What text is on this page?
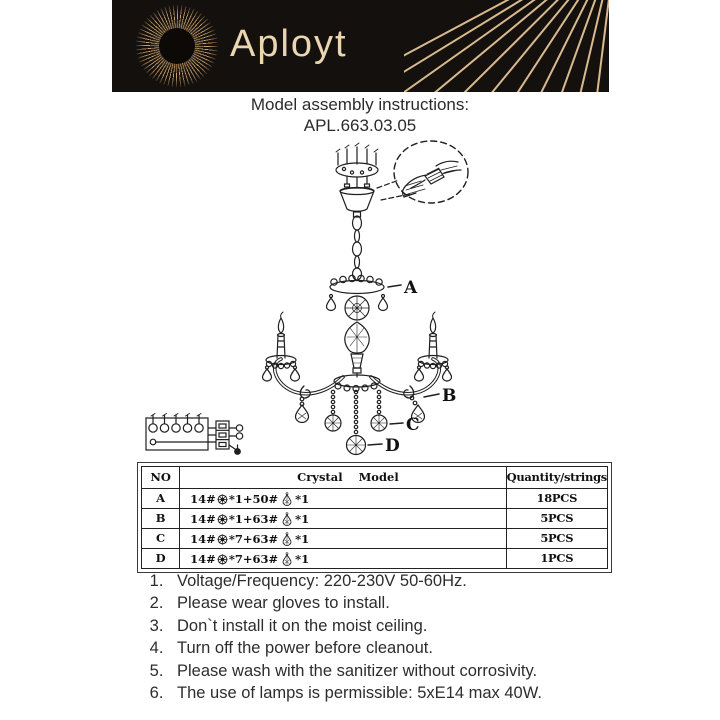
Aployt
Model assembly instructions:
APL.663.03.05
A
B
C
D
NO	Crystal    Model	Quantity/strings
A	14# *1+50# *1	18PCS
B	14# *1+63# *1	5PCS
C	14# *7+63# *1	5PCS
D	14# *7+63# *1	1PCS
1. Voltage/Frequency: 220-230V 50-60Hz.
2. Please wear gloves to install.
3. Don`t install it on the moist ceiling.
4. Turn off the power before cleanout.
5. Please wash with the sanitizer without corrosivity.
6. The use of lamps is permissible: 5xE14 max 40W.
